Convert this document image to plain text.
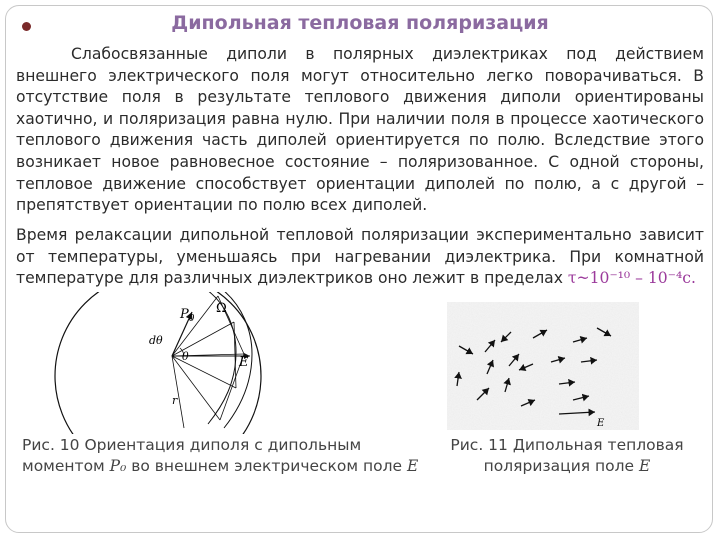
Дипольная тепловая поляризация
Слабосвязанные диполи в полярных диэлектриках под действием внешнего электрического поля могут относительно легко поворачиваться. В отсутствие поля в результате теплового движения диполи ориентированы хаотично, и поляризация равна нулю. При наличии поля в процессе хаотического теплового движения часть диполей ориентируется по полю. Вследствие этого возникает новое равновесное состояние – поляризованное. С одной стороны, тепловое движение способствует ориентации диполей по полю, а с другой – препятствует ориентации по полю всех диполей.
Время релаксации дипольной тепловой поляризации экспериментально зависит от температуры, уменьшаясь при нагревании диэлектрика. При комнатной температуре для различных диэлектриков оно лежит в пределах τ~10⁻¹⁰ – 10⁻⁴с.
$P_0$
Ω
dθ
θ	E
r
E
Рис. 10 Ориентация диполя с дипольным
моментом P₀ во внешнем электрическом поле E
Рис. 11 Дипольная тепловая
поляризация поле E
